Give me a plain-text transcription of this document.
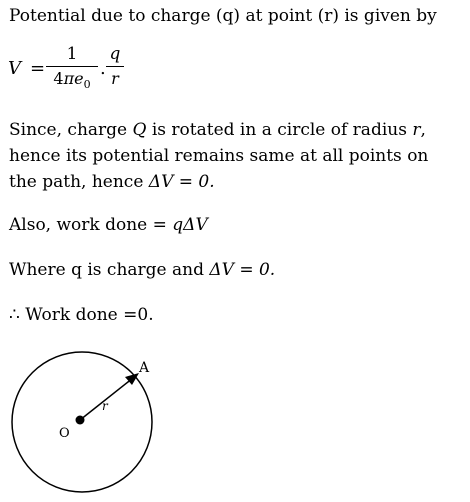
Potential due to charge (q) at point (r) is given by
V =
1
$4\pi e_0$
.
q
r
Since, charge Q is rotated in a circle of radius r,
hence its potential remains same at all points on
the path, hence ΔV = 0.
Also, work done = qΔV
Where q is charge and ΔV = 0.
∴ Work done =0.
A
O
r
